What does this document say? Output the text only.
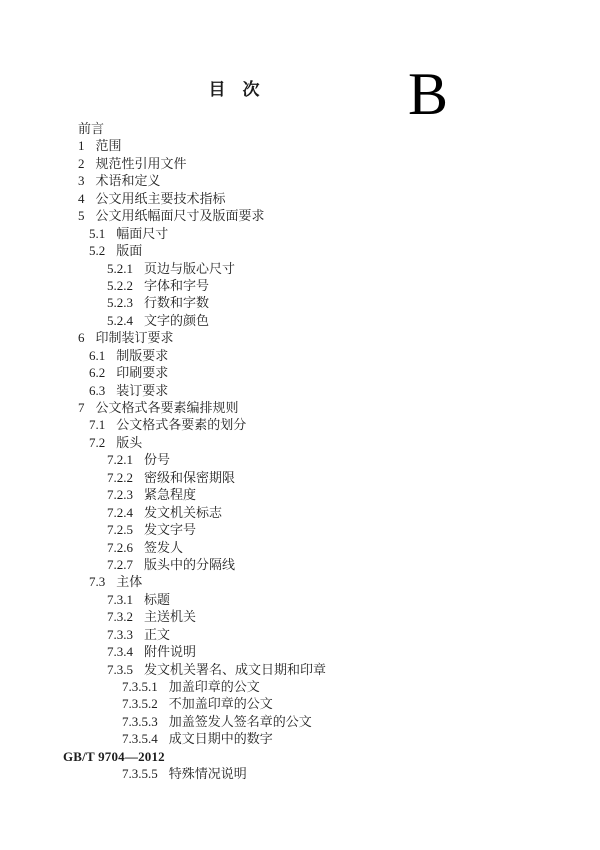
目　次	B
前言
1 范围
2 规范性引用文件
3 术语和定义
4 公文用纸主要技术指标
5 公文用纸幅面尺寸及版面要求
5.1 幅面尺寸
5.2 版面
5.2.1 页边与版心尺寸
5.2.2 字体和字号
5.2.3 行数和字数
5.2.4 文字的颜色
6 印制装订要求
6.1 制版要求
6.2 印刷要求
6.3 装订要求
7 公文格式各要素编排规则
7.1 公文格式各要素的划分
7.2 版头
7.2.1 份号
7.2.2 密级和保密期限
7.2.3 紧急程度
7.2.4 发文机关标志
7.2.5 发文字号
7.2.6 签发人
7.2.7 版头中的分隔线
7.3 主体
7.3.1 标题
7.3.2 主送机关
7.3.3 正文
7.3.4 附件说明
7.3.5 发文机关署名、成文日期和印章
7.3.5.1 加盖印章的公文
7.3.5.2 不加盖印章的公文
7.3.5.3 加盖签发人签名章的公文
7.3.5.4 成文日期中的数字
GB/T 9704—2012
7.3.5.5 特殊情况说明
